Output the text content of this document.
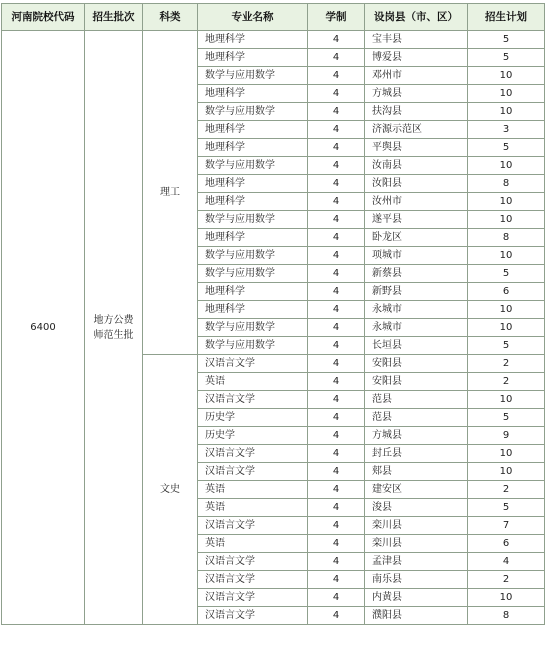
河南院校代码	招生批次	科类	专业名称	学制	设岗县（市、区）	招生计划
6400	地方公费师范生批	理工	地理科学	4	宝丰县	5
			地理科学	4	博爱县	5
			数学与应用数学	4	邓州市	10
			地理科学	4	方城县	10
			数学与应用数学	4	扶沟县	10
			地理科学	4	济源示范区	3
			地理科学	4	平舆县	5
			数学与应用数学	4	汝南县	10
			地理科学	4	汝阳县	8
			地理科学	4	汝州市	10
			数学与应用数学	4	遂平县	10
			地理科学	4	卧龙区	8
			数学与应用数学	4	项城市	10
			数学与应用数学	4	新蔡县	5
			地理科学	4	新野县	6
			地理科学	4	永城市	10
			数学与应用数学	4	永城市	10
			数学与应用数学	4	长垣县	5
		文史	汉语言文学	4	安阳县	2
			英语	4	安阳县	2
			汉语言文学	4	范县	10
			历史学	4	范县	5
			历史学	4	方城县	9
			汉语言文学	4	封丘县	10
			汉语言文学	4	郏县	10
			英语	4	建安区	2
			英语	4	浚县	5
			汉语言文学	4	栾川县	7
			英语	4	栾川县	6
			汉语言文学	4	孟津县	4
			汉语言文学	4	南乐县	2
			汉语言文学	4	内黄县	10
			汉语言文学	4	濮阳县	8
